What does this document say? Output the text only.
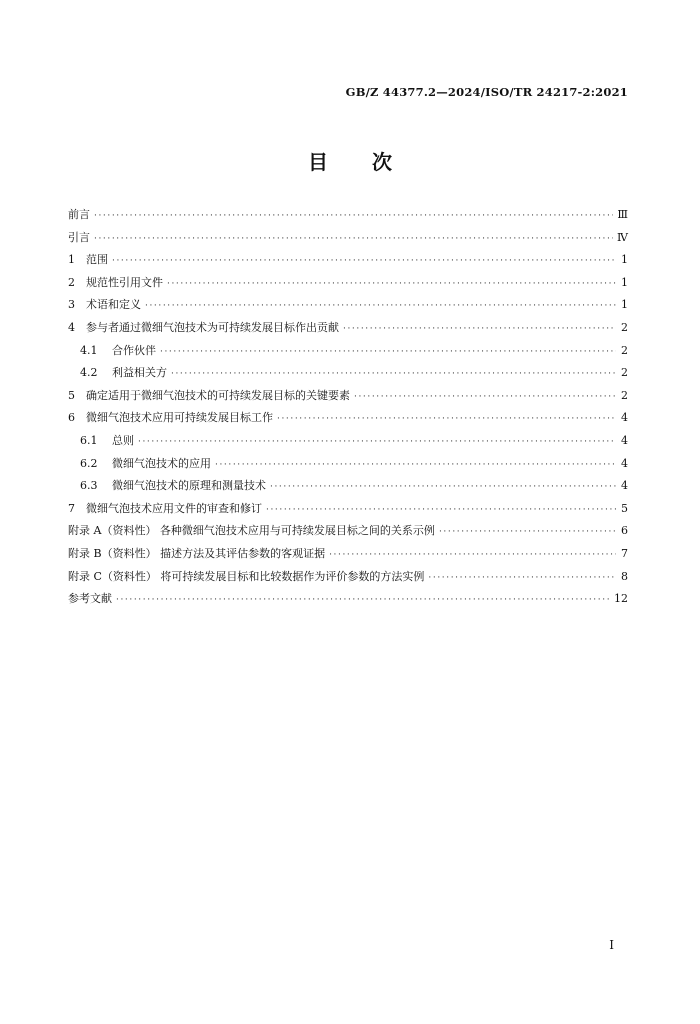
GB/Z 44377.2—2024/ISO/TR 24217-2:2021
目 次
前言 ·····	Ⅲ
引言 ·····	Ⅳ
1	范围 ·····	1
2	规范性引用文件 ·····	1
3	术语和定义 ·····	1
4	参与者通过微细气泡技术为可持续发展目标作出贡献 ·····	2
4.1	合作伙伴 ·····	2
4.2	利益相关方 ·····	2
5	确定适用于微细气泡技术的可持续发展目标的关键要素 ·····	2
6	微细气泡技术应用可持续发展目标工作 ·····	4
6.1	总则 ·····	4
6.2	微细气泡技术的应用 ·····	4
6.3	微细气泡技术的原理和测量技术 ·····	4
7	微细气泡技术应用文件的审查和修订 ·····	5
附录 A（资料性） 各种微细气泡技术应用与可持续发展目标之间的关系示例 ·····	6
附录 B（资料性） 描述方法及其评估参数的客观证据 ·····	7
附录 C（资料性） 将可持续发展目标和比较数据作为评价参数的方法实例 ·····	8
参考文献 ·····	12
I
